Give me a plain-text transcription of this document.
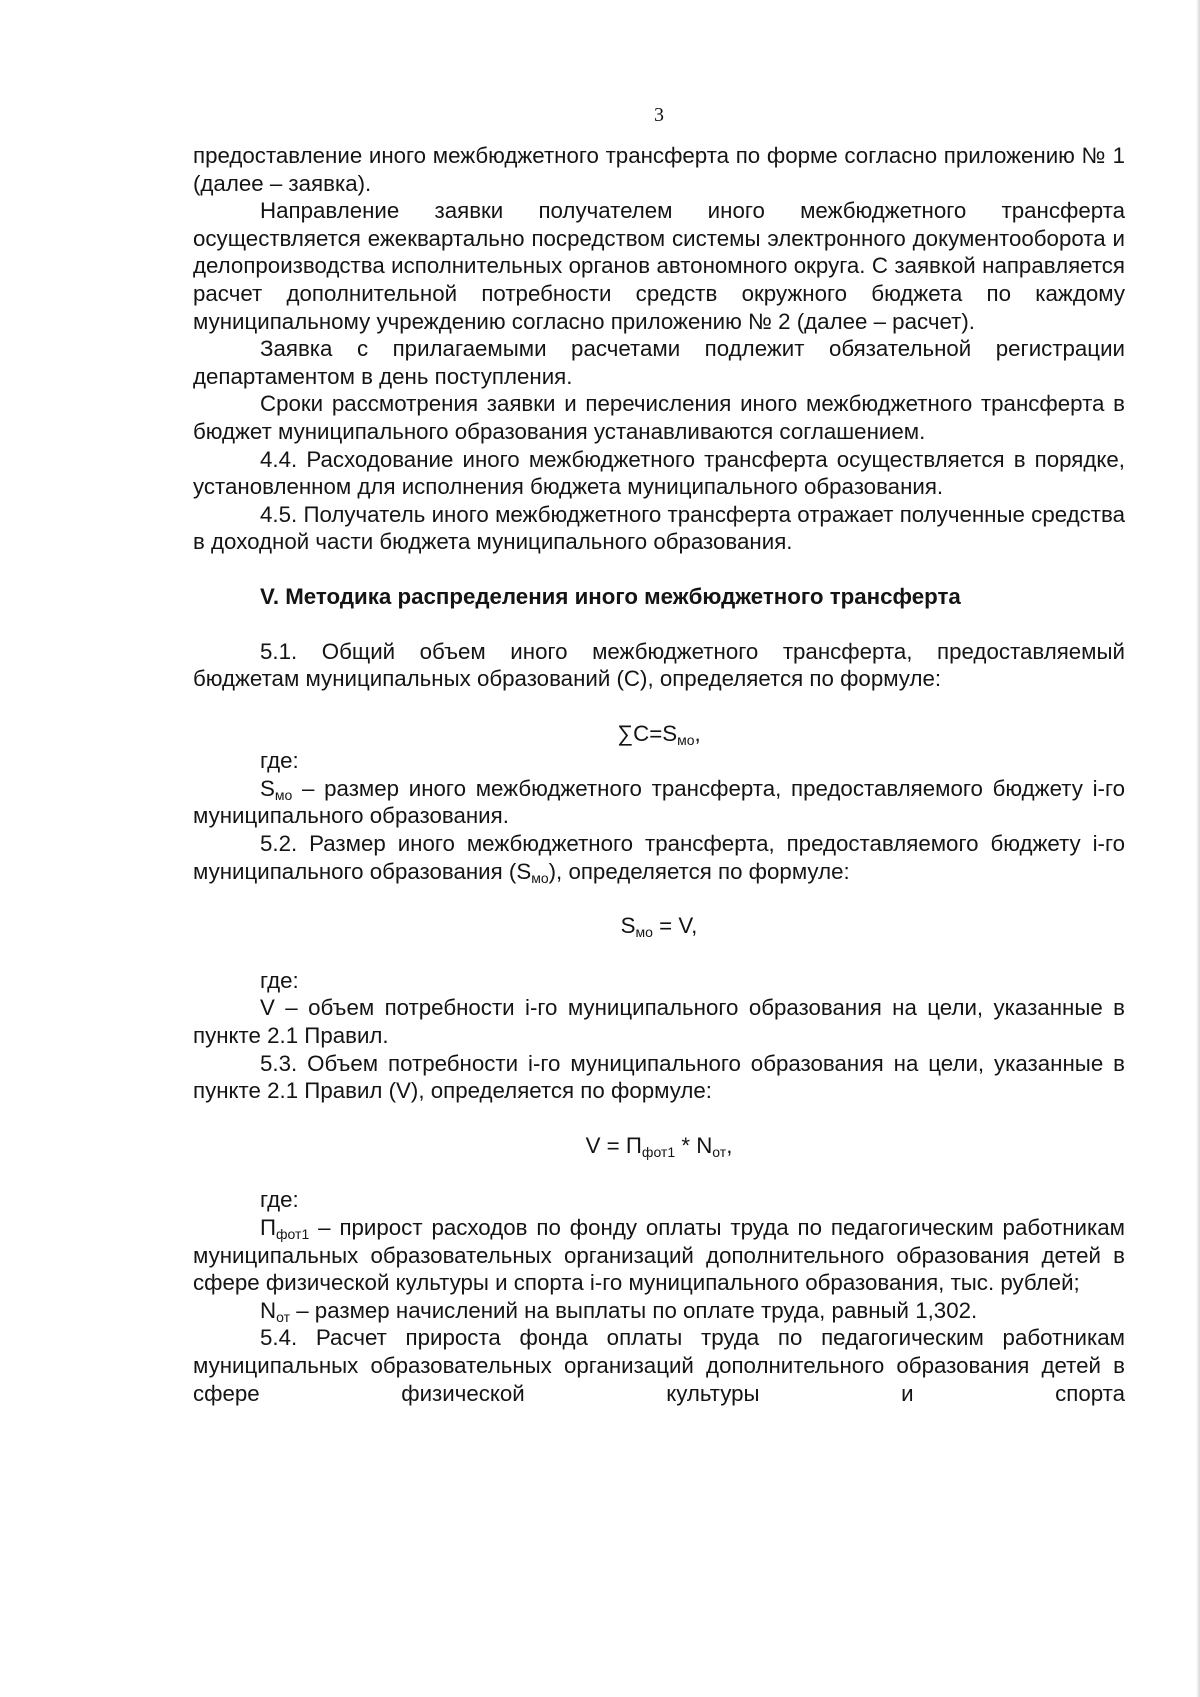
3

предоставление иного межбюджетного трансферта по форме согласно приложению № 1 (далее – заявка).

Направление заявки получателем иного межбюджетного трансферта осуществляется ежеквартально посредством системы электронного документооборота и делопроизводства исполнительных органов автономного округа. С заявкой направляется расчет дополнительной потребности средств окружного бюджета по каждому муниципальному учреждению согласно приложению № 2 (далее – расчет).

Заявка с прилагаемыми расчетами подлежит обязательной регистрации департаментом в день поступления.

Сроки рассмотрения заявки и перечисления иного межбюджетного трансферта в бюджет муниципального образования устанавливаются соглашением.

4.4. Расходование иного межбюджетного трансферта осуществляется в порядке, установленном для исполнения бюджета муниципального образования.

4.5. Получатель иного межбюджетного трансферта отражает полученные средства в доходной части бюджета муниципального образования.

V. Методика распределения иного межбюджетного трансферта

5.1. Общий объем иного межбюджетного трансферта, предоставляемый бюджетам муниципальных образований (C), определяется по формуле:

$\sum C=S_{мо}$,

где:

$S_{мо}$ – размер иного межбюджетного трансферта, предоставляемого бюджету i-го муниципального образования.

5.2. Размер иного межбюджетного трансферта, предоставляемого бюджету i-го муниципального образования $(S_{мо})$, определяется по формуле:

$S_{мо} = V$,

где:

V – объем потребности i-го муниципального образования на цели, указанные в пункте 2.1 Правил.

5.3. Объем потребности i-го муниципального образования на цели, указанные в пункте 2.1 Правил (V), определяется по формуле:

$V = П_{фот1} * N_{от}$,

где:

$П_{фот1}$ – прирост расходов по фонду оплаты труда по педагогическим работникам муниципальных образовательных организаций дополнительного образования детей в сфере физической культуры и спорта i-го муниципального образования, тыс. рублей;

$N_{от}$ – размер начислений на выплаты по оплате труда, равный 1,302.

5.4. Расчет прироста фонда оплаты труда по педагогическим работникам муниципальных образовательных организаций дополнительного образования детей в сфере физической культуры и спорта
